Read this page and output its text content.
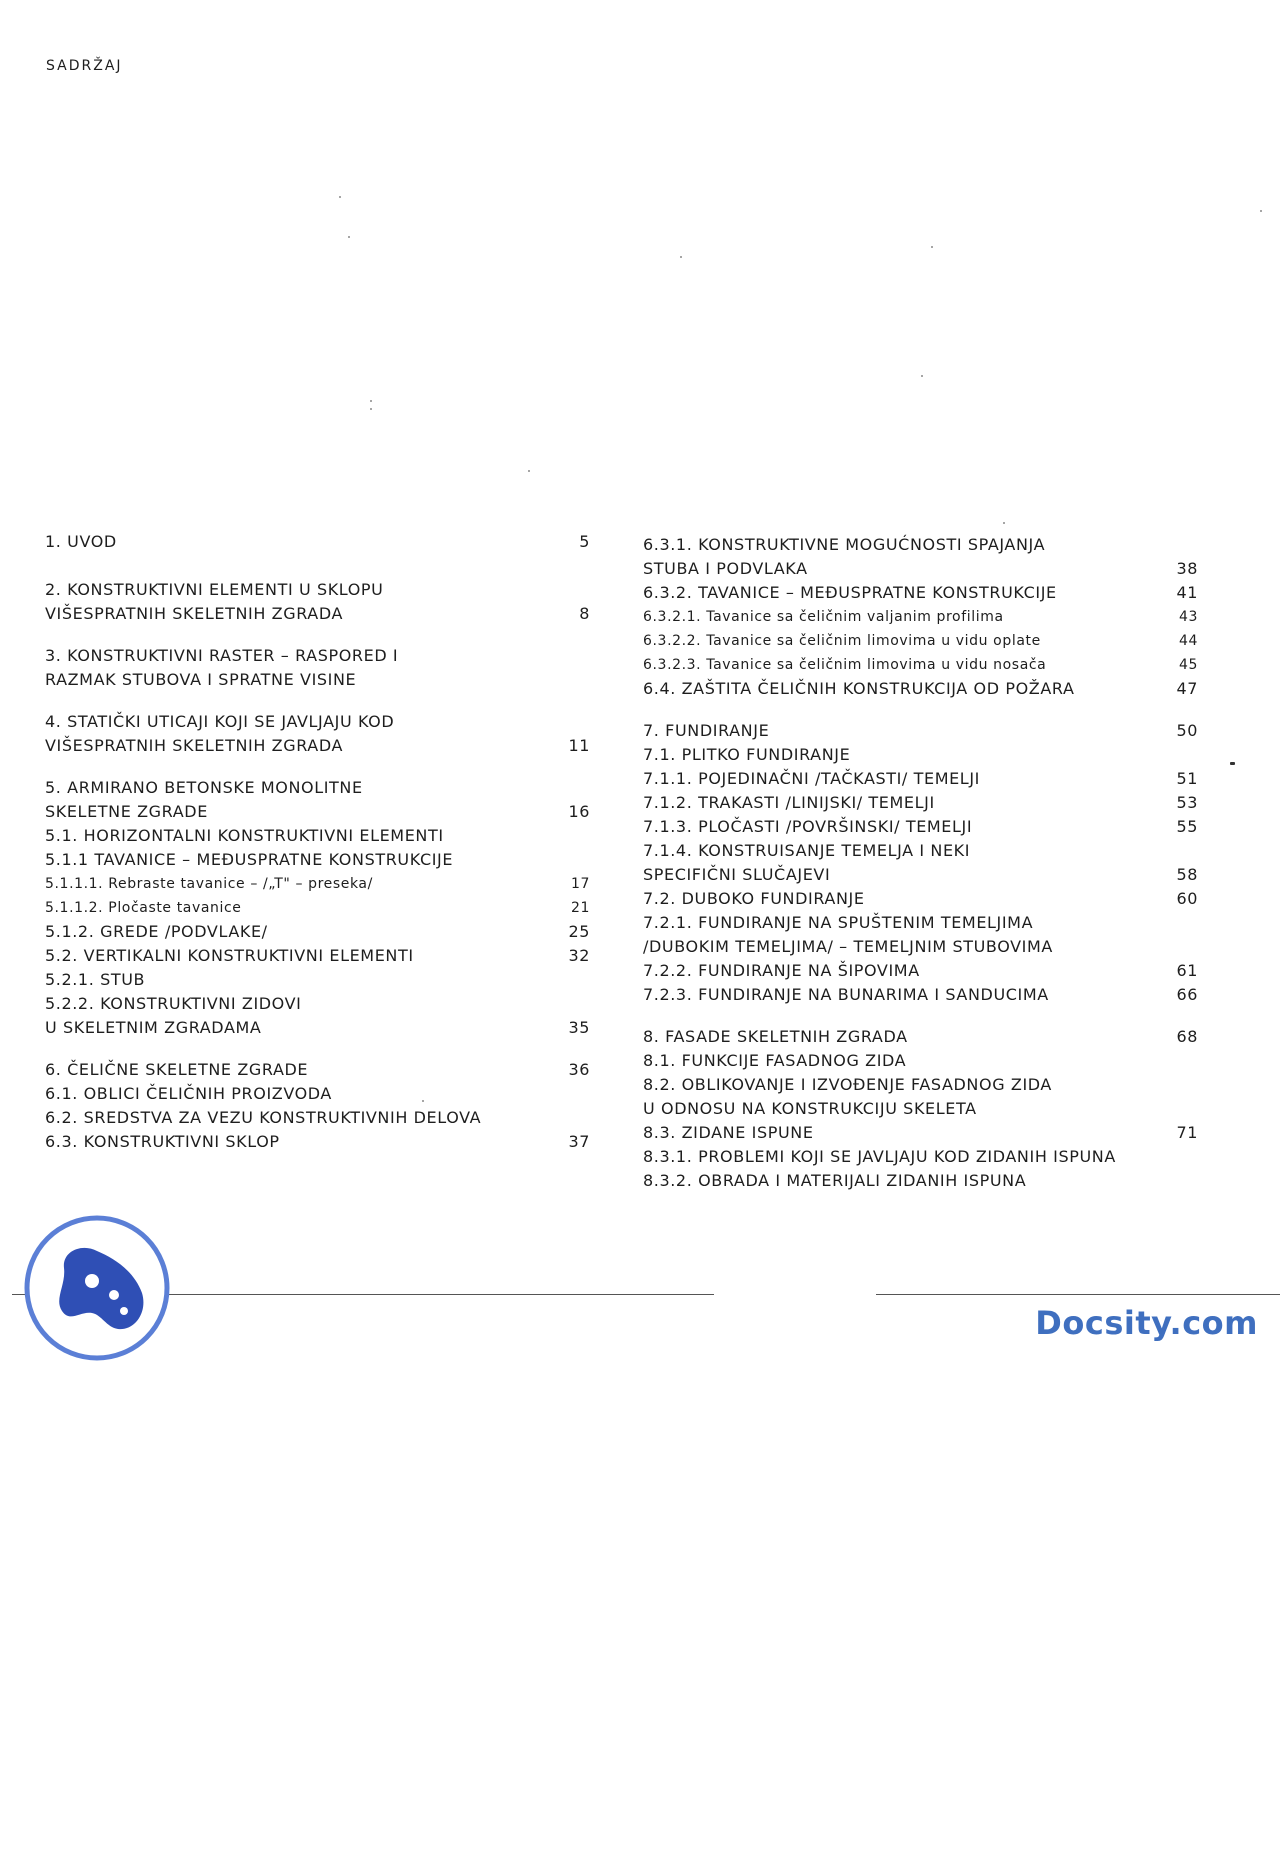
SADRŽAJ
1. UVOD	5
2. KONSTRUKTIVNI ELEMENTI U SKLOPU
VIŠESPRATNIH SKELETNIH ZGRADA	8
3. KONSTRUKTIVNI RASTER – RASPORED I
RAZMAK STUBOVA I SPRATNE VISINE
4. STATIČKI UTICAJI KOJI SE JAVLJAJU KOD
VIŠESPRATNIH SKELETNIH ZGRADA	11
5. ARMIRANO BETONSKE MONOLITNE
SKELETNE ZGRADE	16
5.1. HORIZONTALNI KONSTRUKTIVNI ELEMENTI
5.1.1 TAVANICE – MEĐUSPRATNE KONSTRUKCIJE
5.1.1.1. Rebraste tavanice – /„T" – preseka/	17
5.1.1.2. Pločaste tavanice	21
5.1.2. GREDE /PODVLAKE/	25
5.2. VERTIKALNI KONSTRUKTIVNI ELEMENTI	32
5.2.1. STUB
5.2.2. KONSTRUKTIVNI ZIDOVI
U SKELETNIM ZGRADAMA	35
6. ČELIČNE SKELETNE ZGRADE	36
6.1. OBLICI ČELIČNIH PROIZVODA
6.2. SREDSTVA ZA VEZU KONSTRUKTIVNIH DELOVA
6.3. KONSTRUKTIVNI SKLOP	37
6.3.1. KONSTRUKTIVNE MOGUĆNOSTI SPAJANJA
STUBA I PODVLAKA	38
6.3.2. TAVANICE – MEĐUSPRATNE KONSTRUKCIJE	41
6.3.2.1. Tavanice sa čeličnim valjanim profilima	43
6.3.2.2. Tavanice sa čeličnim limovima u vidu oplate	44
6.3.2.3. Tavanice sa čeličnim limovima u vidu nosača	45
6.4. ZAŠTITA ČELIČNIH KONSTRUKCIJA OD POŽARA	47
7. FUNDIRANJE	50
7.1. PLITKO FUNDIRANJE
7.1.1. POJEDINAČNI /TAČKASTI/ TEMELJI	51
7.1.2. TRAKASTI /LINIJSKI/ TEMELJI	53
7.1.3. PLOČASTI /POVRŠINSKI/ TEMELJI	55
7.1.4. KONSTRUISANJE TEMELJA I NEKI
SPECIFIČNI SLUČAJEVI	58
7.2. DUBOKO FUNDIRANJE	60
7.2.1. FUNDIRANJE NA SPUŠTENIM TEMELJIMA
/DUBOKIM TEMELJIMA/ – TEMELJNIM STUBOVIMA
7.2.2. FUNDIRANJE NA ŠIPOVIMA	61
7.2.3. FUNDIRANJE NA BUNARIMA I SANDUCIMA	66
8. FASADE SKELETNIH ZGRADA	68
8.1. FUNKCIJE FASADNOG ZIDA
8.2. OBLIKOVANJE I IZVOĐENJE FASADNOG ZIDA
U ODNOSU NA KONSTRUKCIJU SKELETA
8.3. ZIDANE ISPUNE	71
8.3.1. PROBLEMI KOJI SE JAVLJAJU KOD ZIDANIH ISPUNA
8.3.2. OBRADA I MATERIJALI ZIDANIH ISPUNA
Docsity.com
